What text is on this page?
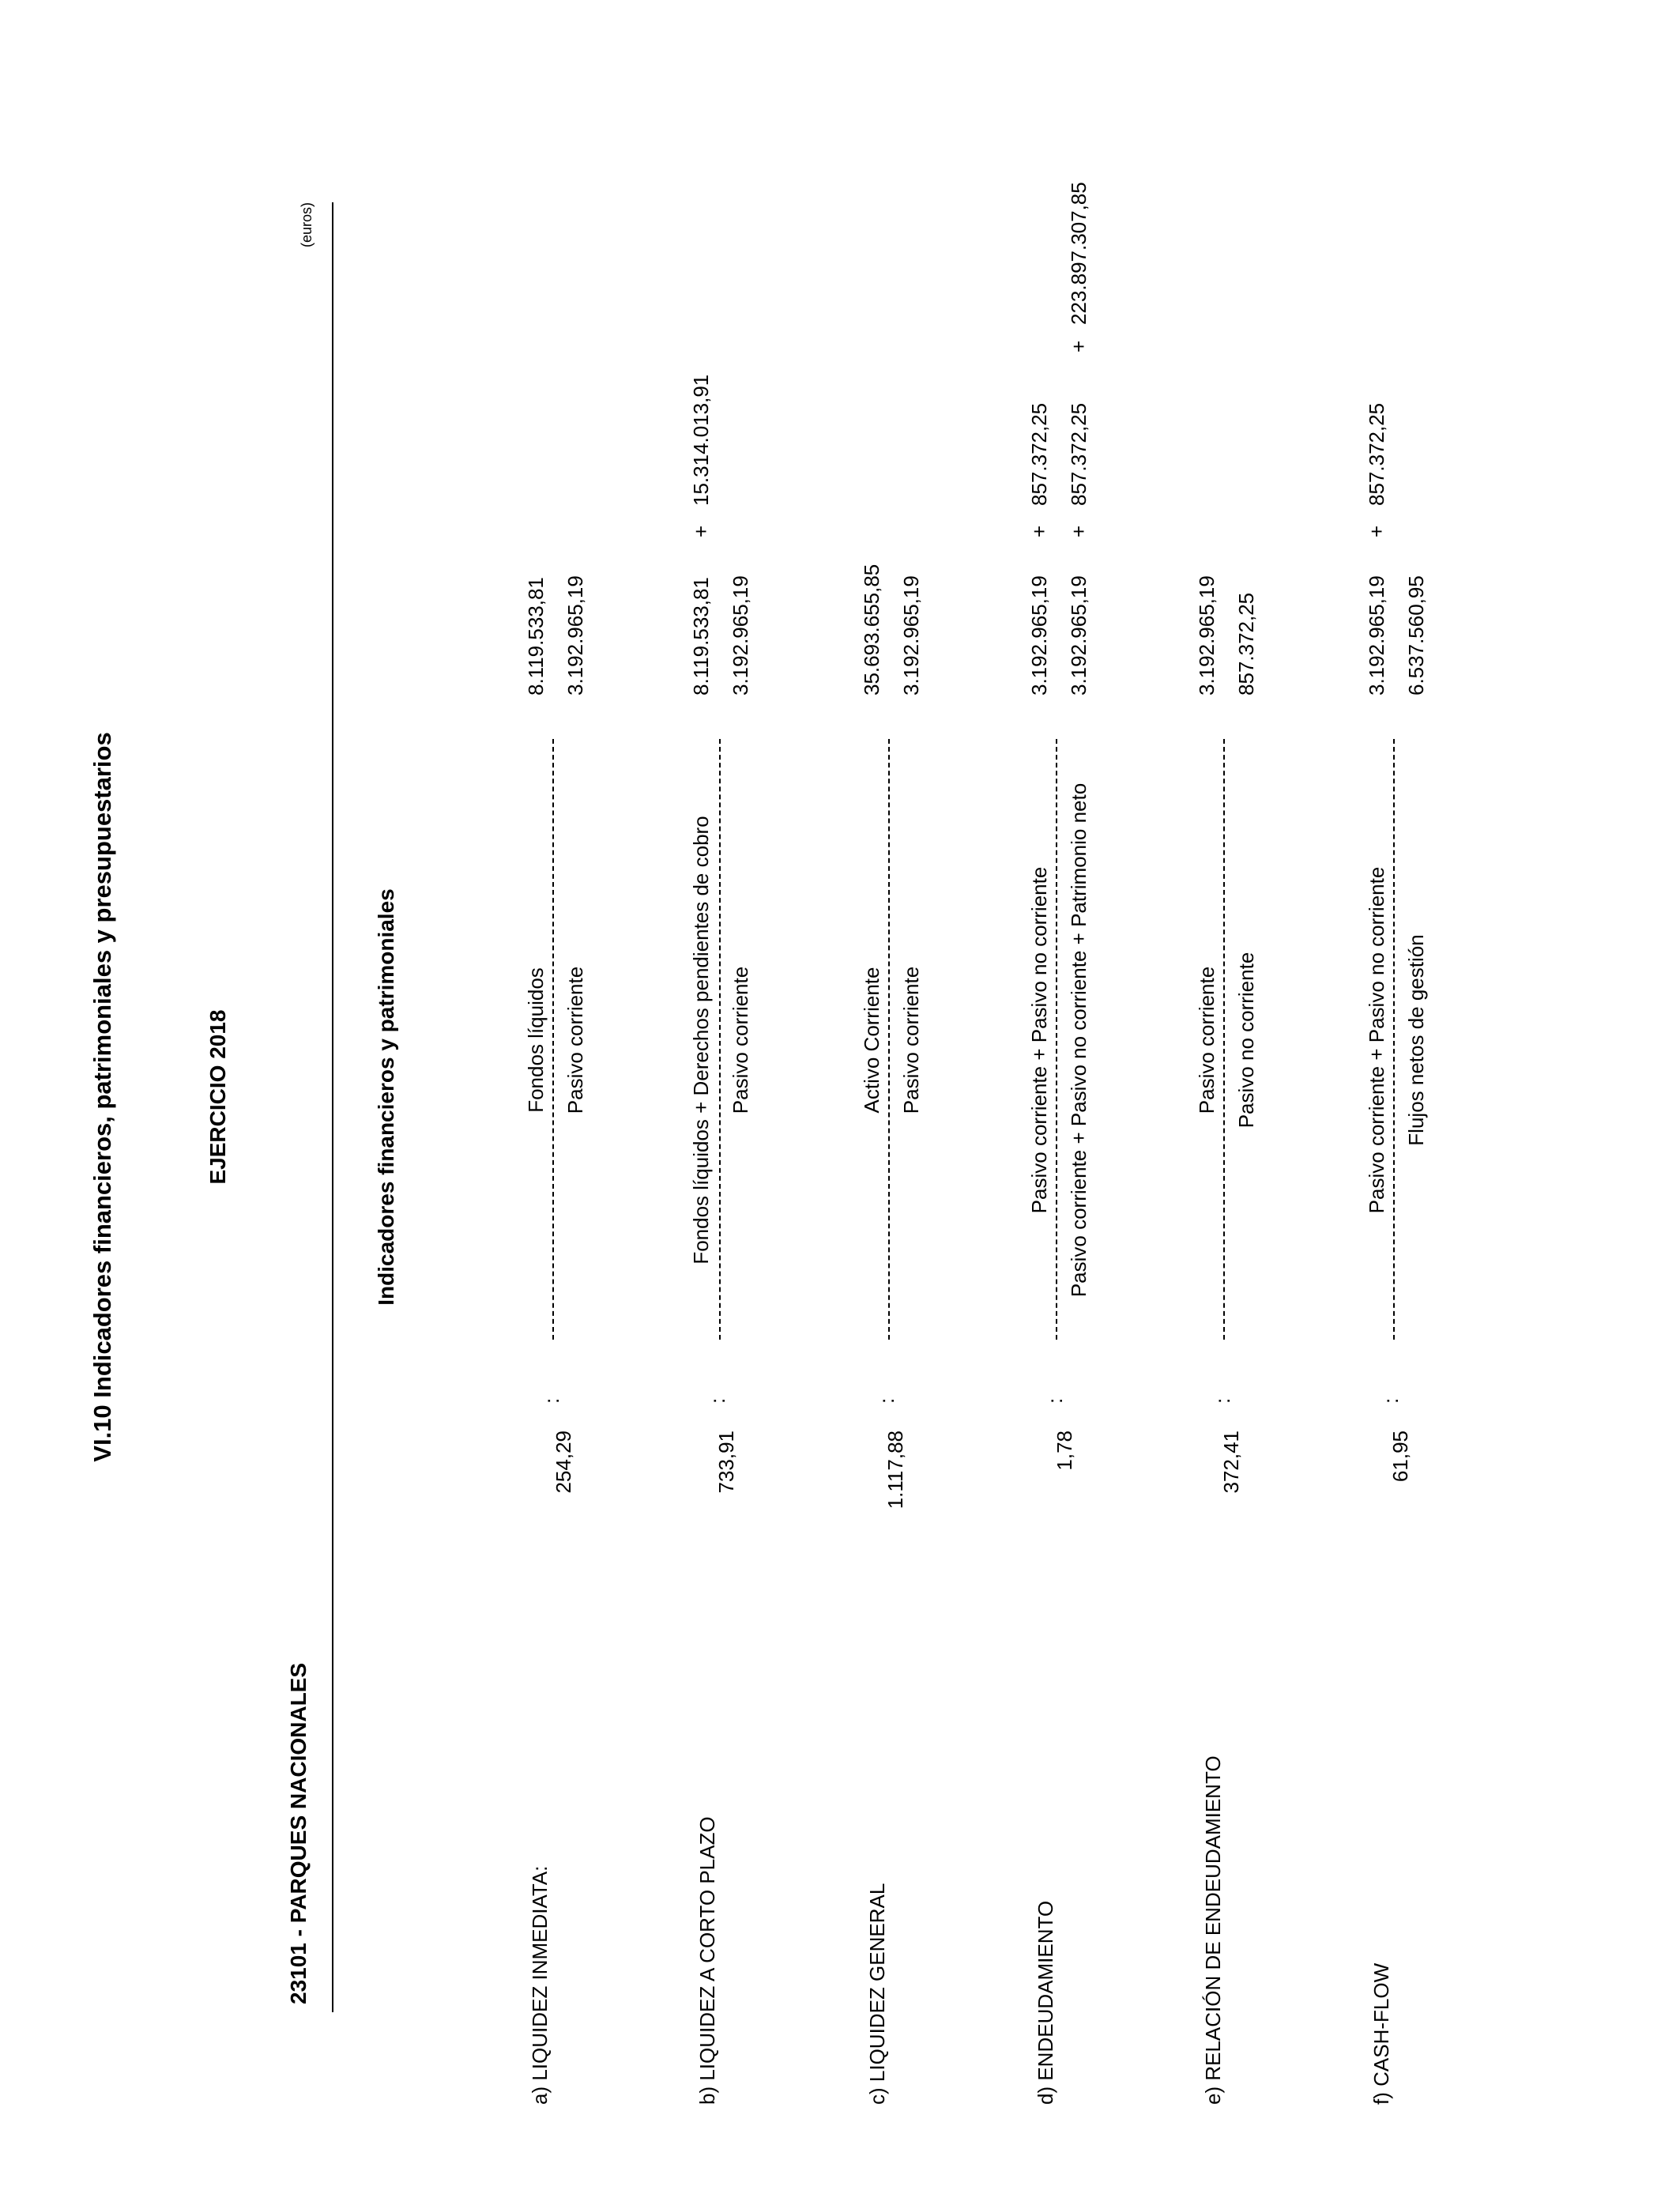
VI.10 Indicadores financieros, patrimoniales y presupuestarios	EJERCICIO 2018
23101 - PARQUES NACIONALES
(euros)
Indicadores financieros y patrimoniales
a) LIQUIDEZ INMEDIATA:
254,29
:
Fondos líquidos Pasivo corriente
8.119.533,81 3.192.965,19
b) LIQUIDEZ A CORTO PLAZO
733,91
:
Fondos líquidos + Derechos pendientes de cobro Pasivo corriente
8.119.533,81
+
15.314.013,91
3.192.965,19
c) LIQUIDEZ GENERAL
1.117,88
:
Activo Corriente Pasivo corriente
35.693.655,85 3.192.965,19
d) ENDEUDAMIENTO
1,78
:
Pasivo corriente + Pasivo no corriente Pasivo corriente + Pasivo no corriente + Patrimonio neto
3.192.965,19
+
857.372,25
3.192.965,19
+
857.372,25
+
223.897.307,85
e) RELACIÓN DE ENDEUDAMIENTO
372,41
:
Pasivo corriente Pasivo no corriente
3.192.965,19 857.372,25
f) CASH-FLOW
61,95
:
Pasivo corriente + Pasivo no corriente Flujos netos de gestión
3.192.965,19
+
857.372,25
6.537.560,95
